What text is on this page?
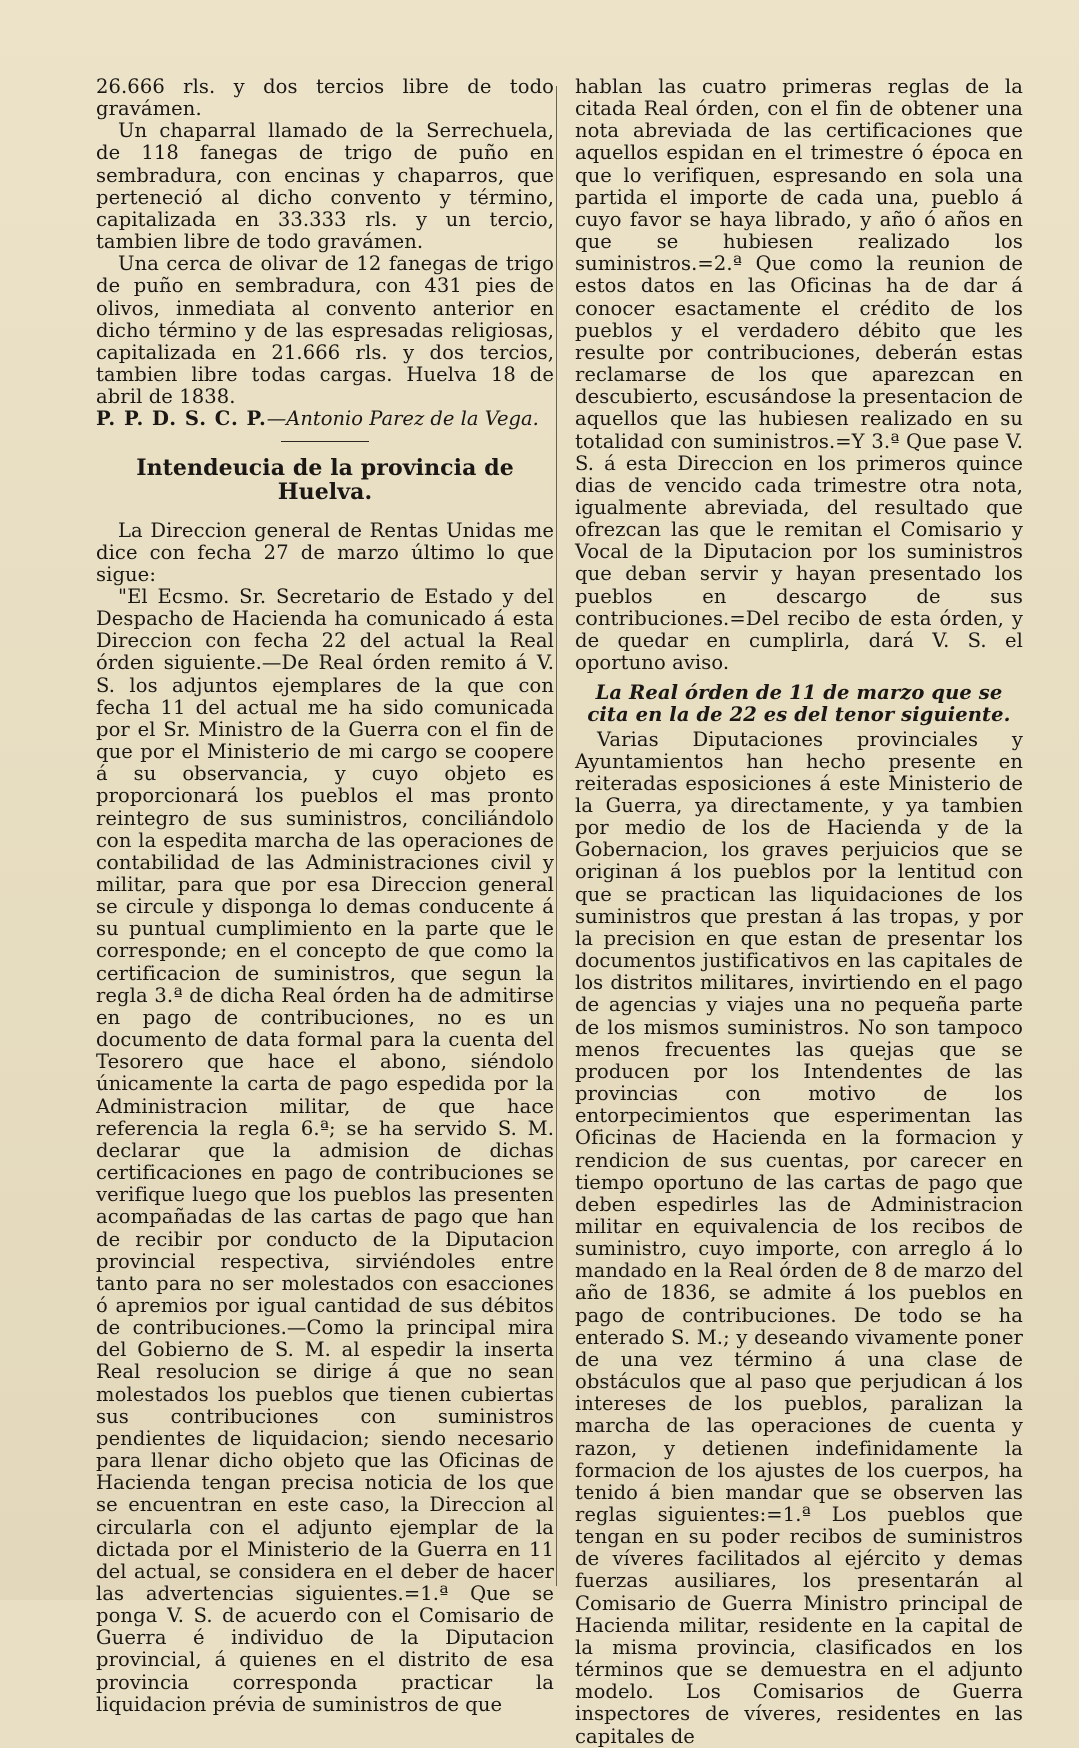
26.666 rls. y dos tercios libre de todo gravámen.

Un chaparral llamado de la Serrechuela, de 118 fanegas de trigo de puño en sembradura, con encinas y chaparros, que perteneció al dicho convento y término, capitalizada en 33.333 rls. y un tercio, tambien libre de todo gravámen.

Una cerca de olivar de 12 fanegas de trigo de puño en sembradura, con 431 pies de olivos, inmediata al convento anterior en dicho término y de las espresadas religiosas, capitalizada en 21.666 rls. y dos tercios, tambien libre todas cargas. Huelva 18 de abril de 1838.

P. P. D. S. C. P.—Antonio Parez de la Vega.

Intendeucia de la provincia de Huelva.

La Direccion general de Rentas Unidas me dice con fecha 27 de marzo último lo que sigue:

"El Ecsmo. Sr. Secretario de Estado y del Despacho de Hacienda ha comunicado á esta Direccion con fecha 22 del actual la Real órden siguiente.—De Real órden remito á V. S. los adjuntos ejemplares de la que con fecha 11 del actual me ha sido comunicada por el Sr. Ministro de la Guerra con el fin de que por el Ministerio de mi cargo se coopere á su observancia, y cuyo objeto es proporcionará los pueblos el mas pronto reintegro de sus suministros, conciliándolo con la espedita marcha de las operaciones de contabilidad de las Administraciones civil y militar, para que por esa Direccion general se circule y disponga lo demas conducente á su puntual cumplimiento en la parte que le corresponde; en el concepto de que como la certificacion de suministros, que segun la regla 3.ª de dicha Real órden ha de admitirse en pago de contribuciones, no es un documento de data formal para la cuenta del Tesorero que hace el abono, siéndolo únicamente la carta de pago espedida por la Administracion militar, de que hace referencia la regla 6.ª; se ha servido S. M. declarar que la admision de dichas certificaciones en pago de contribuciones se verifique luego que los pueblos las presenten acompañadas de las cartas de pago que han de recibir por conducto de la Diputacion provincial respectiva, sirviéndoles entre tanto para no ser molestados con esacciones ó apremios por igual cantidad de sus débitos de contribuciones.—Como la principal mira del Gobierno de S. M. al espedir la inserta Real resolucion se dirige á que no sean molestados los pueblos que tienen cubiertas sus contribuciones con suministros pendientes de liquidacion; siendo necesario para llenar dicho objeto que las Oficinas de Hacienda tengan precisa noticia de los que se encuentran en este caso, la Direccion al circularla con el adjunto ejemplar de la dictada por el Ministerio de la Guerra en 11 del actual, se considera en el deber de hacer las advertencias siguientes.=1.ª Que se ponga V. S. de acuerdo con el Comisario de Guerra é individuo de la Diputacion provincial, á quienes en el distrito de esa provincia corresponda practicar la liquidacion prévia de suministros de que

hablan las cuatro primeras reglas de la citada Real órden, con el fin de obtener una nota abreviada de las certificaciones que aquellos espidan en el trimestre ó época en que lo verifiquen, espresando en sola una partida el importe de cada una, pueblo á cuyo favor se haya librado, y año ó años en que se hubiesen realizado los suministros.=2.ª Que como la reunion de estos datos en las Oficinas ha de dar á conocer esactamente el crédito de los pueblos y el verdadero débito que les resulte por contribuciones, deberán estas reclamarse de los que aparezcan en descubierto, escusándose la presentacion de aquellos que las hubiesen realizado en su totalidad con suministros.=Y 3.ª Que pase V. S. á esta Direccion en los primeros quince dias de vencido cada trimestre otra nota, igualmente abreviada, del resultado que ofrezcan las que le remitan el Comisario y Vocal de la Diputacion por los suministros que deban servir y hayan presentado los pueblos en descargo de sus contribuciones.=Del recibo de esta órden, y de quedar en cumplirla, dará V. S. el oportuno aviso.

La Real órden de 11 de marzo que se cita en la de 22 es del tenor siguiente.

Varias Diputaciones provinciales y Ayuntamientos han hecho presente en reiteradas esposiciones á este Ministerio de la Guerra, ya directamente, y ya tambien por medio de los de Hacienda y de la Gobernacion, los graves perjuicios que se originan á los pueblos por la lentitud con que se practican las liquidaciones de los suministros que prestan á las tropas, y por la precision en que estan de presentar los documentos justificativos en las capitales de los distritos militares, invirtiendo en el pago de agencias y viajes una no pequeña parte de los mismos suministros. No son tampoco menos frecuentes las quejas que se producen por los Intendentes de las provincias con motivo de los entorpecimientos que esperimentan las Oficinas de Hacienda en la formacion y rendicion de sus cuentas, por carecer en tiempo oportuno de las cartas de pago que deben espedirles las de Administracion militar en equivalencia de los recibos de suministro, cuyo importe, con arreglo á lo mandado en la Real órden de 8 de marzo del año de 1836, se admite á los pueblos en pago de contribuciones. De todo se ha enterado S. M.; y deseando vivamente poner de una vez término á una clase de obstáculos que al paso que perjudican á los intereses de los pueblos, paralizan la marcha de las operaciones de cuenta y razon, y detienen indefinidamente la formacion de los ajustes de los cuerpos, ha tenido á bien mandar que se observen las reglas siguientes:=1.ª Los pueblos que tengan en su poder recibos de suministros de víveres facilitados al ejército y demas fuerzas ausiliares, los presentarán al Comisario de Guerra Ministro principal de Hacienda militar, residente en la capital de la misma provincia, clasificados en los términos que se demuestra en el adjunto modelo. Los Comisarios de Guerra inspectores de víveres, residentes en las capitales de
